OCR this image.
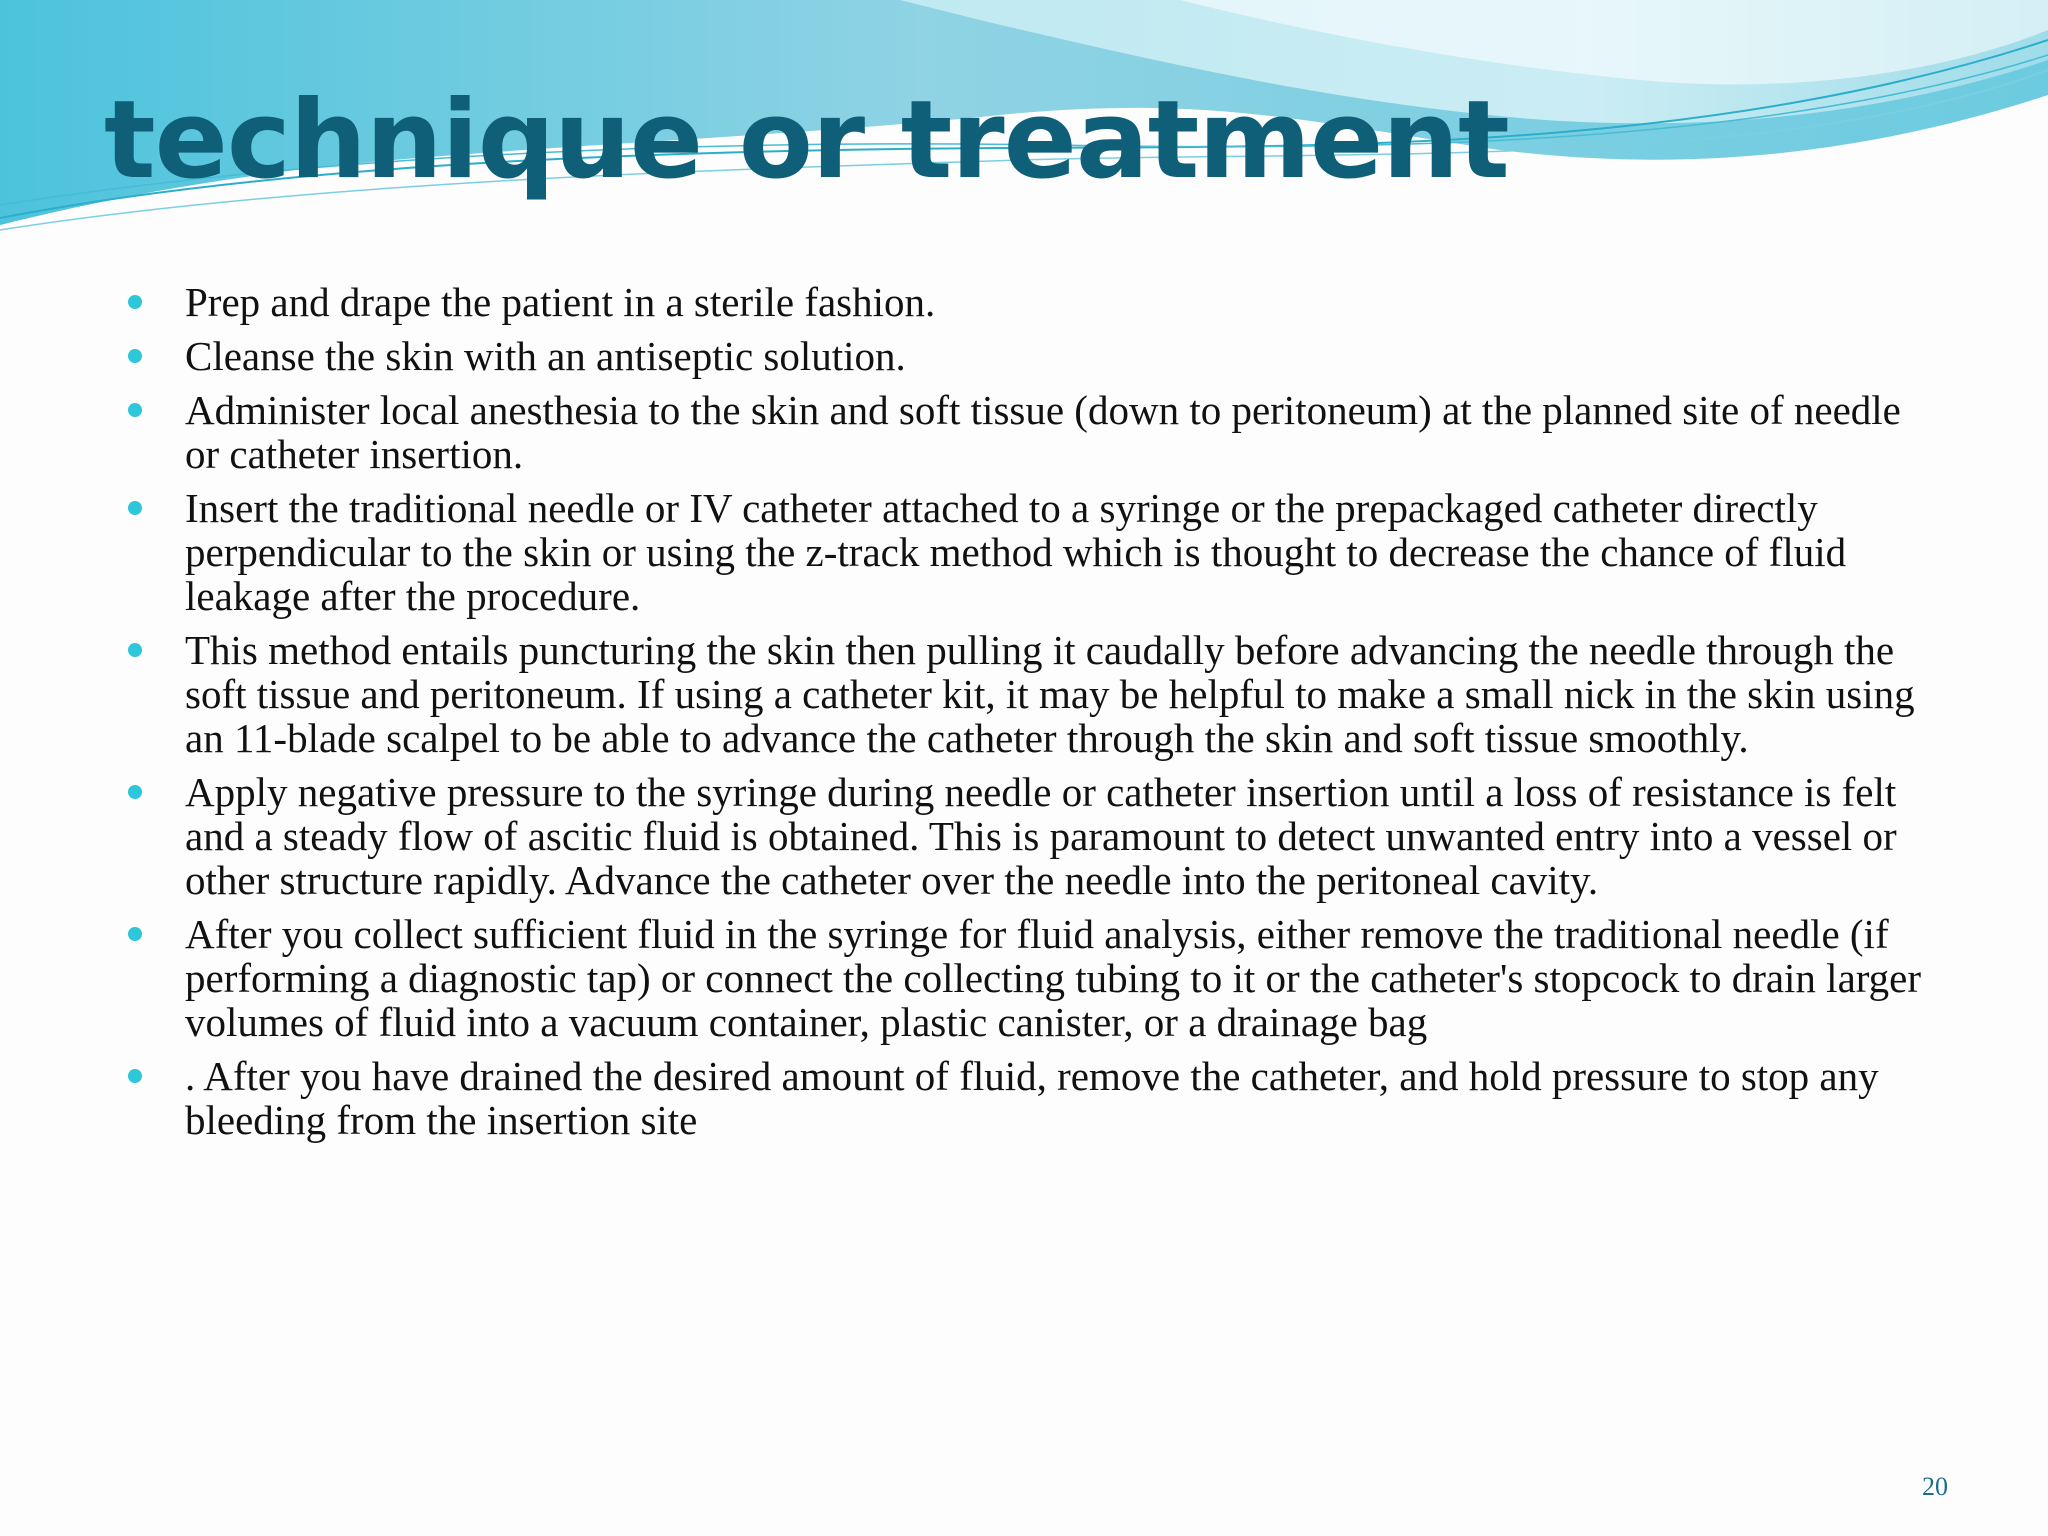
technique or treatment
Prep and drape the patient in a sterile fashion.
Cleanse the skin with an antiseptic solution.
Administer local anesthesia to the skin and soft tissue (down to peritoneum) at the planned site of needle or catheter insertion.
Insert the traditional needle or IV catheter attached to a syringe or the prepackaged catheter directly perpendicular to the skin or using the z-track method which is thought to decrease the chance of fluid leakage after the procedure.
This method entails puncturing the skin then pulling it caudally before advancing the needle through the soft tissue and peritoneum. If using a catheter kit, it may be helpful to make a small nick in the skin using an 11-blade scalpel to be able to advance the catheter through the skin and soft tissue smoothly.
Apply negative pressure to the syringe during needle or catheter insertion until a loss of resistance is felt and a steady flow of ascitic fluid is obtained. This is paramount to detect unwanted entry into a vessel or other structure rapidly. Advance the catheter over the needle into the peritoneal cavity.
After you collect sufficient fluid in the syringe for fluid analysis, either remove the traditional needle (if performing a diagnostic tap) or connect the collecting tubing to it or the catheter's stopcock to drain larger volumes of fluid into a vacuum container, plastic canister, or a drainage bag
. After you have drained the desired amount of fluid, remove the catheter, and hold pressure to stop any bleeding from the insertion site
20
